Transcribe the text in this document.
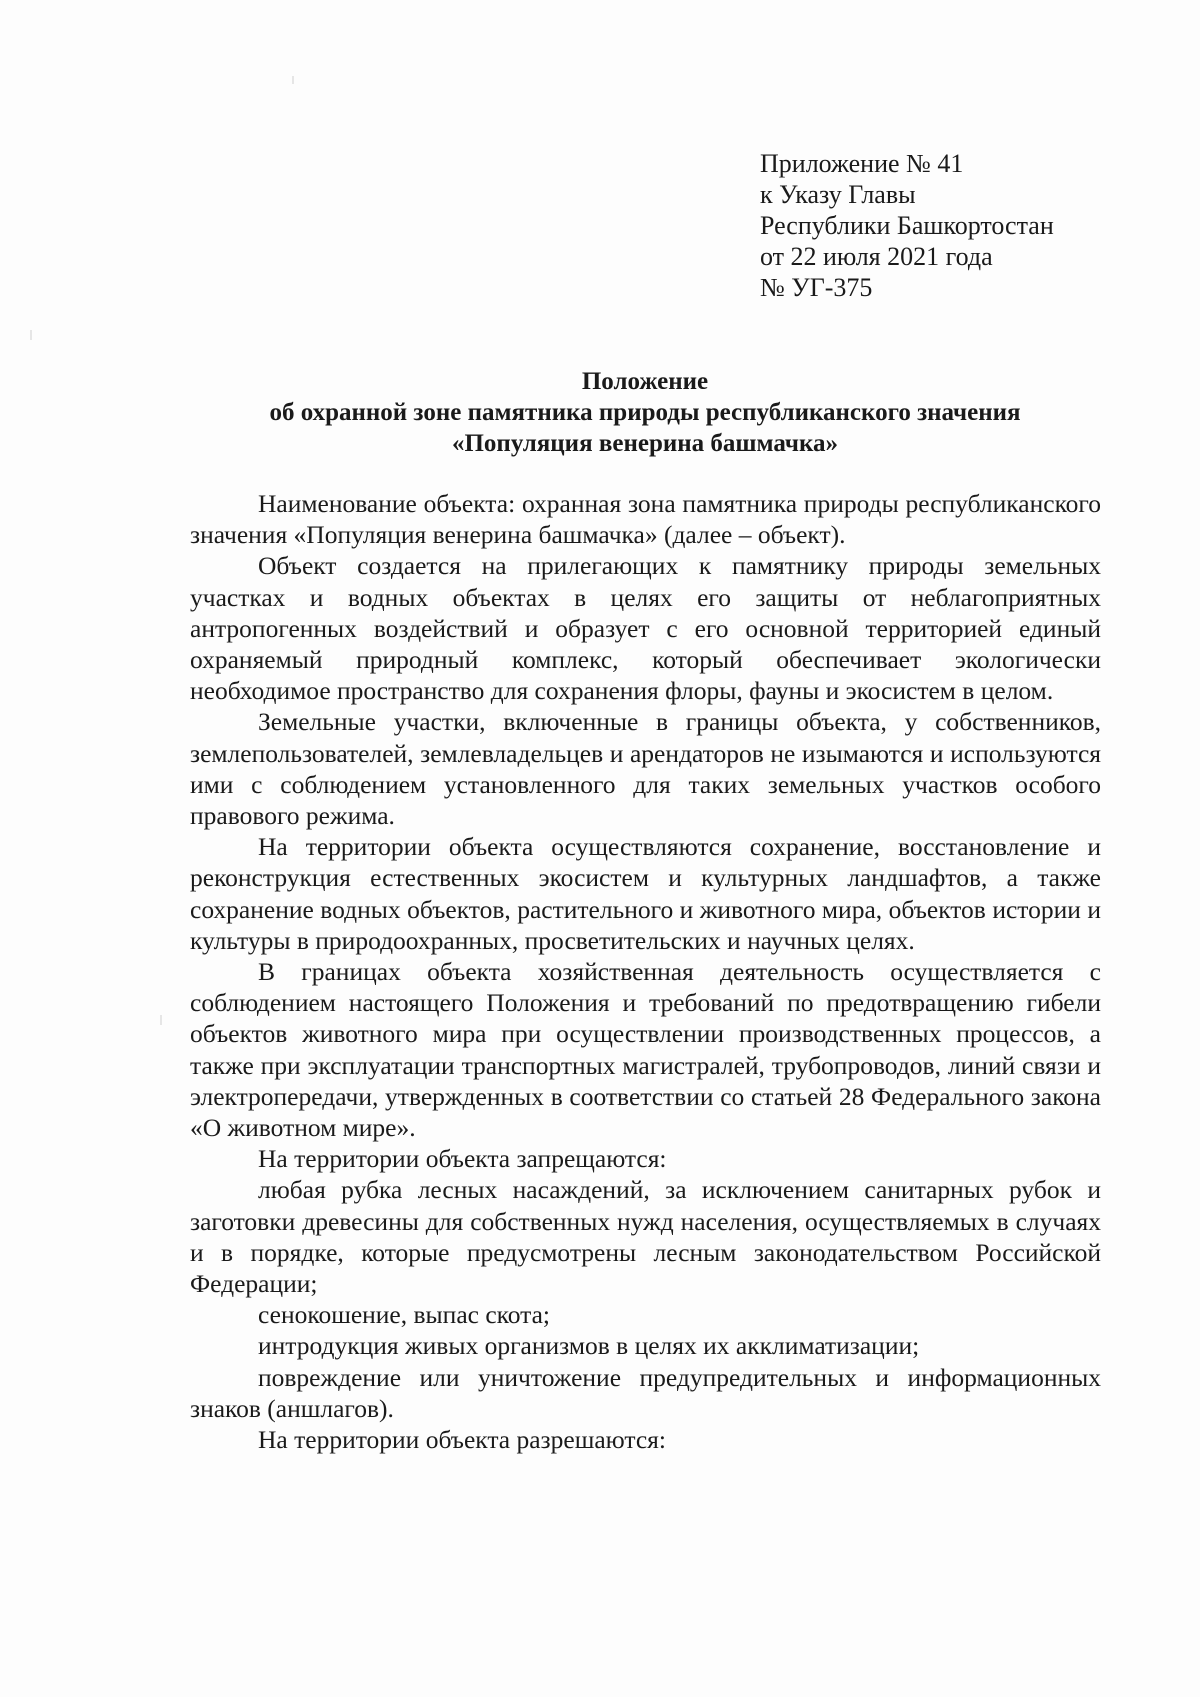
Приложение № 41
к Указу Главы
Республики Башкортостан
от 22 июля 2021 года
№ УГ-375
Положение
об охранной зоне памятника природы республиканского значения
«Популяция венерина башмачка»

Наименование объекта: охранная зона памятника природы республиканского значения «Популяция венерина башмачка» (далее – объект).

Объект создается на прилегающих к памятнику природы земельных участках и водных объектах в целях его защиты от неблагоприятных антропогенных воздействий и образует с его основной территорией единый охраняемый природный комплекс, который обеспечивает экологически необходимое пространство для сохранения флоры, фауны и экосистем в целом.

Земельные участки, включенные в границы объекта, у собственников, землепользователей, землевладельцев и арендаторов не изымаются и используются ими с соблюдением установленного для таких земельных участков особого правового режима.

На территории объекта осуществляются сохранение, восстановление и реконструкция естественных экосистем и культурных ландшафтов, а также сохранение водных объектов, растительного и животного мира, объектов истории и культуры в природоохранных, просветительских и научных целях.

В границах объекта хозяйственная деятельность осуществляется с соблюдением настоящего Положения и требований по предотвращению гибели объектов животного мира при осуществлении производственных процессов, а также при эксплуатации транспортных магистралей, трубопроводов, линий связи и электропередачи, утвержденных в соответствии со статьей 28 Федерального закона «О животном мире».

На территории объекта запрещаются:

любая рубка лесных насаждений, за исключением санитарных рубок и заготовки древесины для собственных нужд населения, осуществляемых в случаях и в порядке, которые предусмотрены лесным законодательством Российской Федерации;

сенокошение, выпас скота;

интродукция живых организмов в целях их акклиматизации;

повреждение или уничтожение предупредительных и информационных знаков (аншлагов).

На территории объекта разрешаются:
